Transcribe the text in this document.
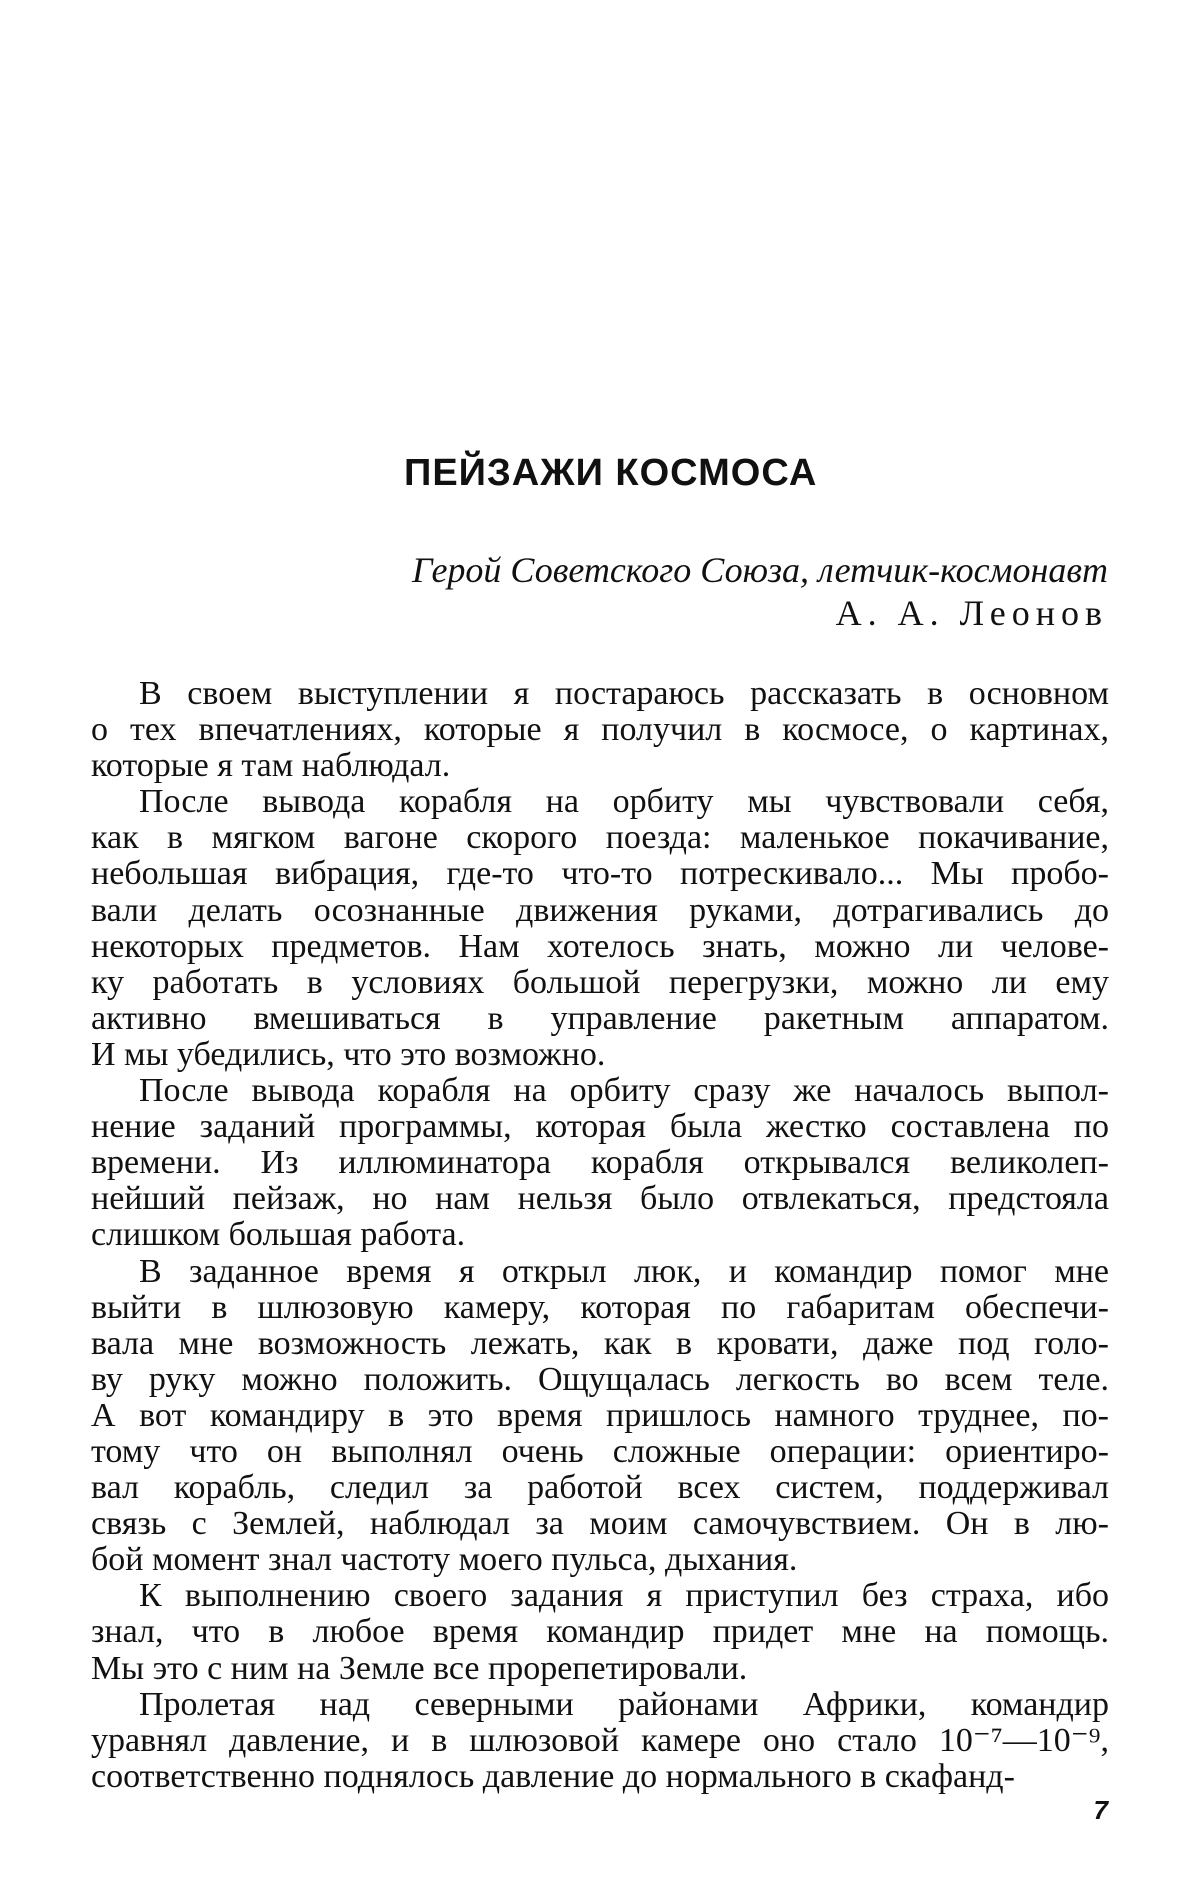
ПЕЙЗАЖИ КОСМОСА
Герой Советского Союза, летчик-космонавт
А. А. Леонов

В своем выступлении я постараюсь рассказать в основном
о тех впечатлениях, которые я получил в космосе, о картинах,
которые я там наблюдал.

После вывода корабля на орбиту мы чувствовали себя,
как в мягком вагоне скорого поезда: маленькое покачивание,
небольшая вибрация, где-то что-то потрескивало... Мы пробо-
вали делать осознанные движения руками, дотрагивались до
некоторых предметов. Нам хотелось знать, можно ли челове-
ку работать в условиях большой перегрузки, можно ли ему
активно вмешиваться в управление ракетным аппаратом.
И мы убедились, что это возможно.

После вывода корабля на орбиту сразу же началось выпол-
нение заданий программы, которая была жестко составлена по
времени. Из иллюминатора корабля открывался великолеп-
нейший пейзаж, но нам нельзя было отвлекаться, предстояла
слишком большая работа.

В заданное время я открыл люк, и командир помог мне
выйти в шлюзовую камеру, которая по габаритам обеспечи-
вала мне возможность лежать, как в кровати, даже под голо-
ву руку можно положить. Ощущалась легкость во всем теле.
А вот командиру в это время пришлось намного труднее, по-
тому что он выполнял очень сложные операции: ориентиро-
вал корабль, следил за работой всех систем, поддерживал
связь с Землей, наблюдал за моим самочувствием. Он в лю-
бой момент знал частоту моего пульса, дыхания.

К выполнению своего задания я приступил без страха, ибо
знал, что в любое время командир придет мне на помощь.
Мы это с ним на Земле все прорепетировали.

Пролетая над северными районами Африки, командир
уравнял давление, и в шлюзовой камере оно стало 10⁻⁷—10⁻⁹,
соответственно поднялось давление до нормального в скафанд-

7
